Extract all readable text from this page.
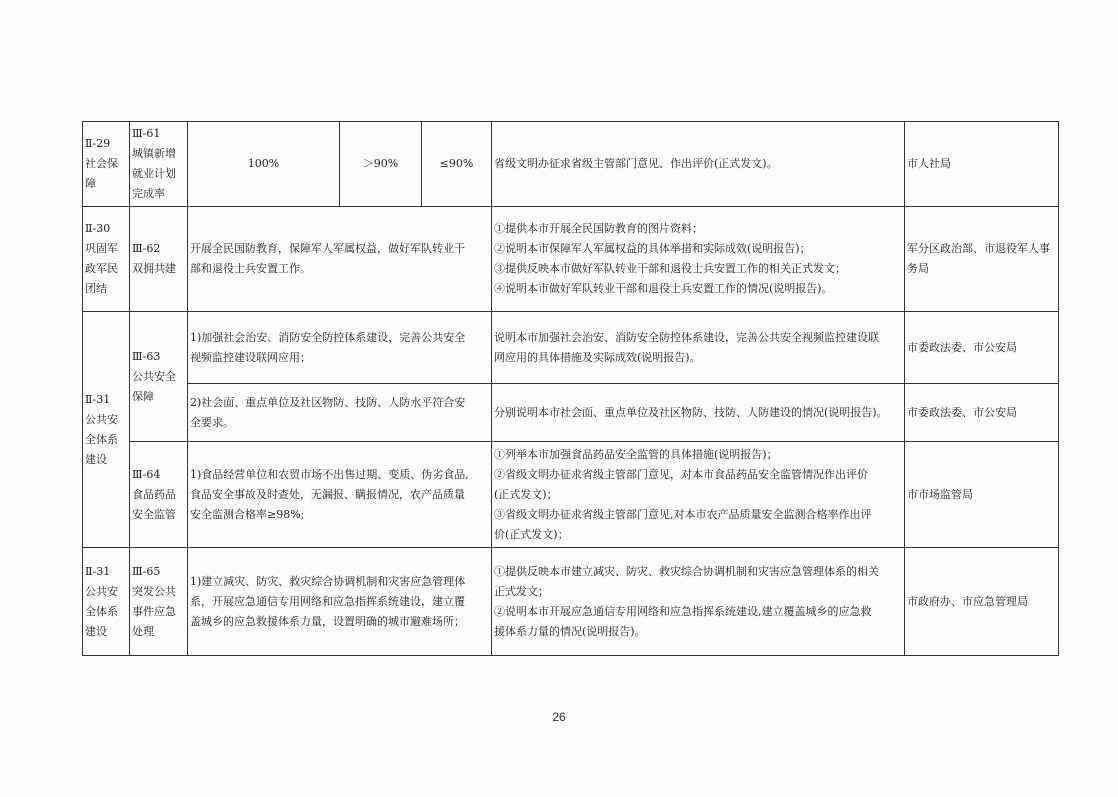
Ⅱ-29
社会保
障	Ⅲ-61
城镇新增
就业计划
完成率	100%	＞90%	≤90%	省级文明办征求省级主管部门意见、作出评价(正式发文)。	市人社局

Ⅱ-30
巩固军
政军民
团结	Ⅲ-62
双拥共建	开展全民国防教育，保障军人军属权益，做好军队转业干
部和退役士兵安置工作。			①提供本市开展全民国防教育的图片资料；
②说明本市保障军人军属权益的具体举措和实际成效(说明报告)；
③提供反映本市做好军队转业干部和退役士兵安置工作的相关正式发文；
④说明本市做好军队转业干部和退役士兵安置工作的情况(说明报告)。	军分区政治部、市退役军人事
务局

Ⅱ-31
公共安
全体系
建设	Ⅲ-63
公共安全
保障	1)加强社会治安、消防安全防控体系建设，完善公共安全
视频监控建设联网应用；			说明本市加强社会治安、消防安全防控体系建设，完善公共安全视频监控建设联
网应用的具体措施及实际成效(说明报告)。	市委政法委、市公安局

		2)社会面、重点单位及社区物防、技防、人防水平符合安
全要求。			分别说明本市社会面、重点单位及社区物防、技防、人防建设的情况(说明报告)。	市委政法委、市公安局

	Ⅲ-64
食品药品
安全监管	1)食品经营单位和农贸市场不出售过期、变质、伪劣食品,
食品安全事故及时查处，无漏报、瞒报情况，农产品质量
安全监测合格率≥98%;			①列举本市加强食品药品安全监管的具体措施(说明报告)；
②省级文明办征求省级主管部门意见，对本市食品药品安全监管情况作出评价
(正式发文)；
③省级文明办征求省级主管部门意见,对本市农产品质量安全监测合格率作出评
价(正式发文)；	市市场监管局

Ⅱ-31
公共安
全体系
建设	Ⅲ-65
突发公共
事件应急
处理	1)建立减灾、防灾、救灾综合协调机制和灾害应急管理体
系，开展应急通信专用网络和应急指挥系统建设，建立覆
盖城乡的应急救援体系力量，设置明确的城市避难场所；			①提供反映本市建立减灾、防灾、救灾综合协调机制和灾害应急管理体系的相关
正式发文；
②说明本市开展应急通信专用网络和应急指挥系统建设,建立覆盖城乡的应急救
援体系力量的情况(说明报告)。	市政府办、市应急管理局
26
